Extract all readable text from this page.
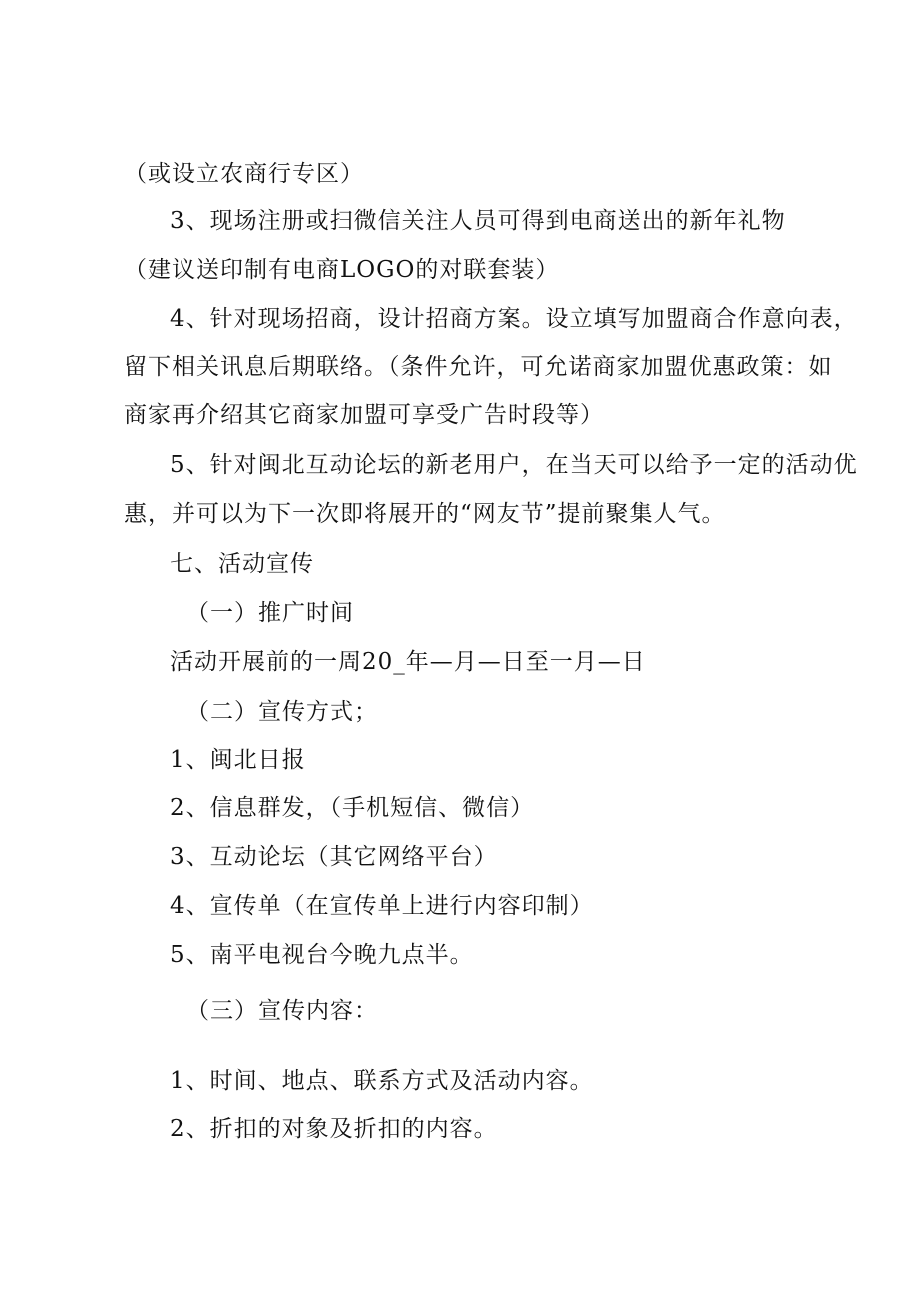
（或设立农商行专区）
3、现场注册或扫微信关注人员可得到电商送出的新年礼物
（建议送印制有电商LOGO的对联套装）
4、针对现场招商，设计招商方案。设立填写加盟商合作意向表，
留下相关讯息后期联络。（条件允许，可允诺商家加盟优惠政策：如
商家再介绍其它商家加盟可享受广告时段等）
5、针对闽北互动论坛的新老用户，在当天可以给予一定的活动优
惠，并可以为下一次即将展开的“网友节”提前聚集人气。
七、活动宣传
（一）推广时间
活动开展前的一周20_年—月—日至一月—日
（二）宣传方式；
1、闽北日报
2、信息群发，（手机短信、微信）
3、互动论坛（其它网络平台）
4、宣传单（在宣传单上进行内容印制）
5、南平电视台今晚九点半。
（三）宣传内容：
1、时间、地点、联系方式及活动内容。
2、折扣的对象及折扣的内容。
